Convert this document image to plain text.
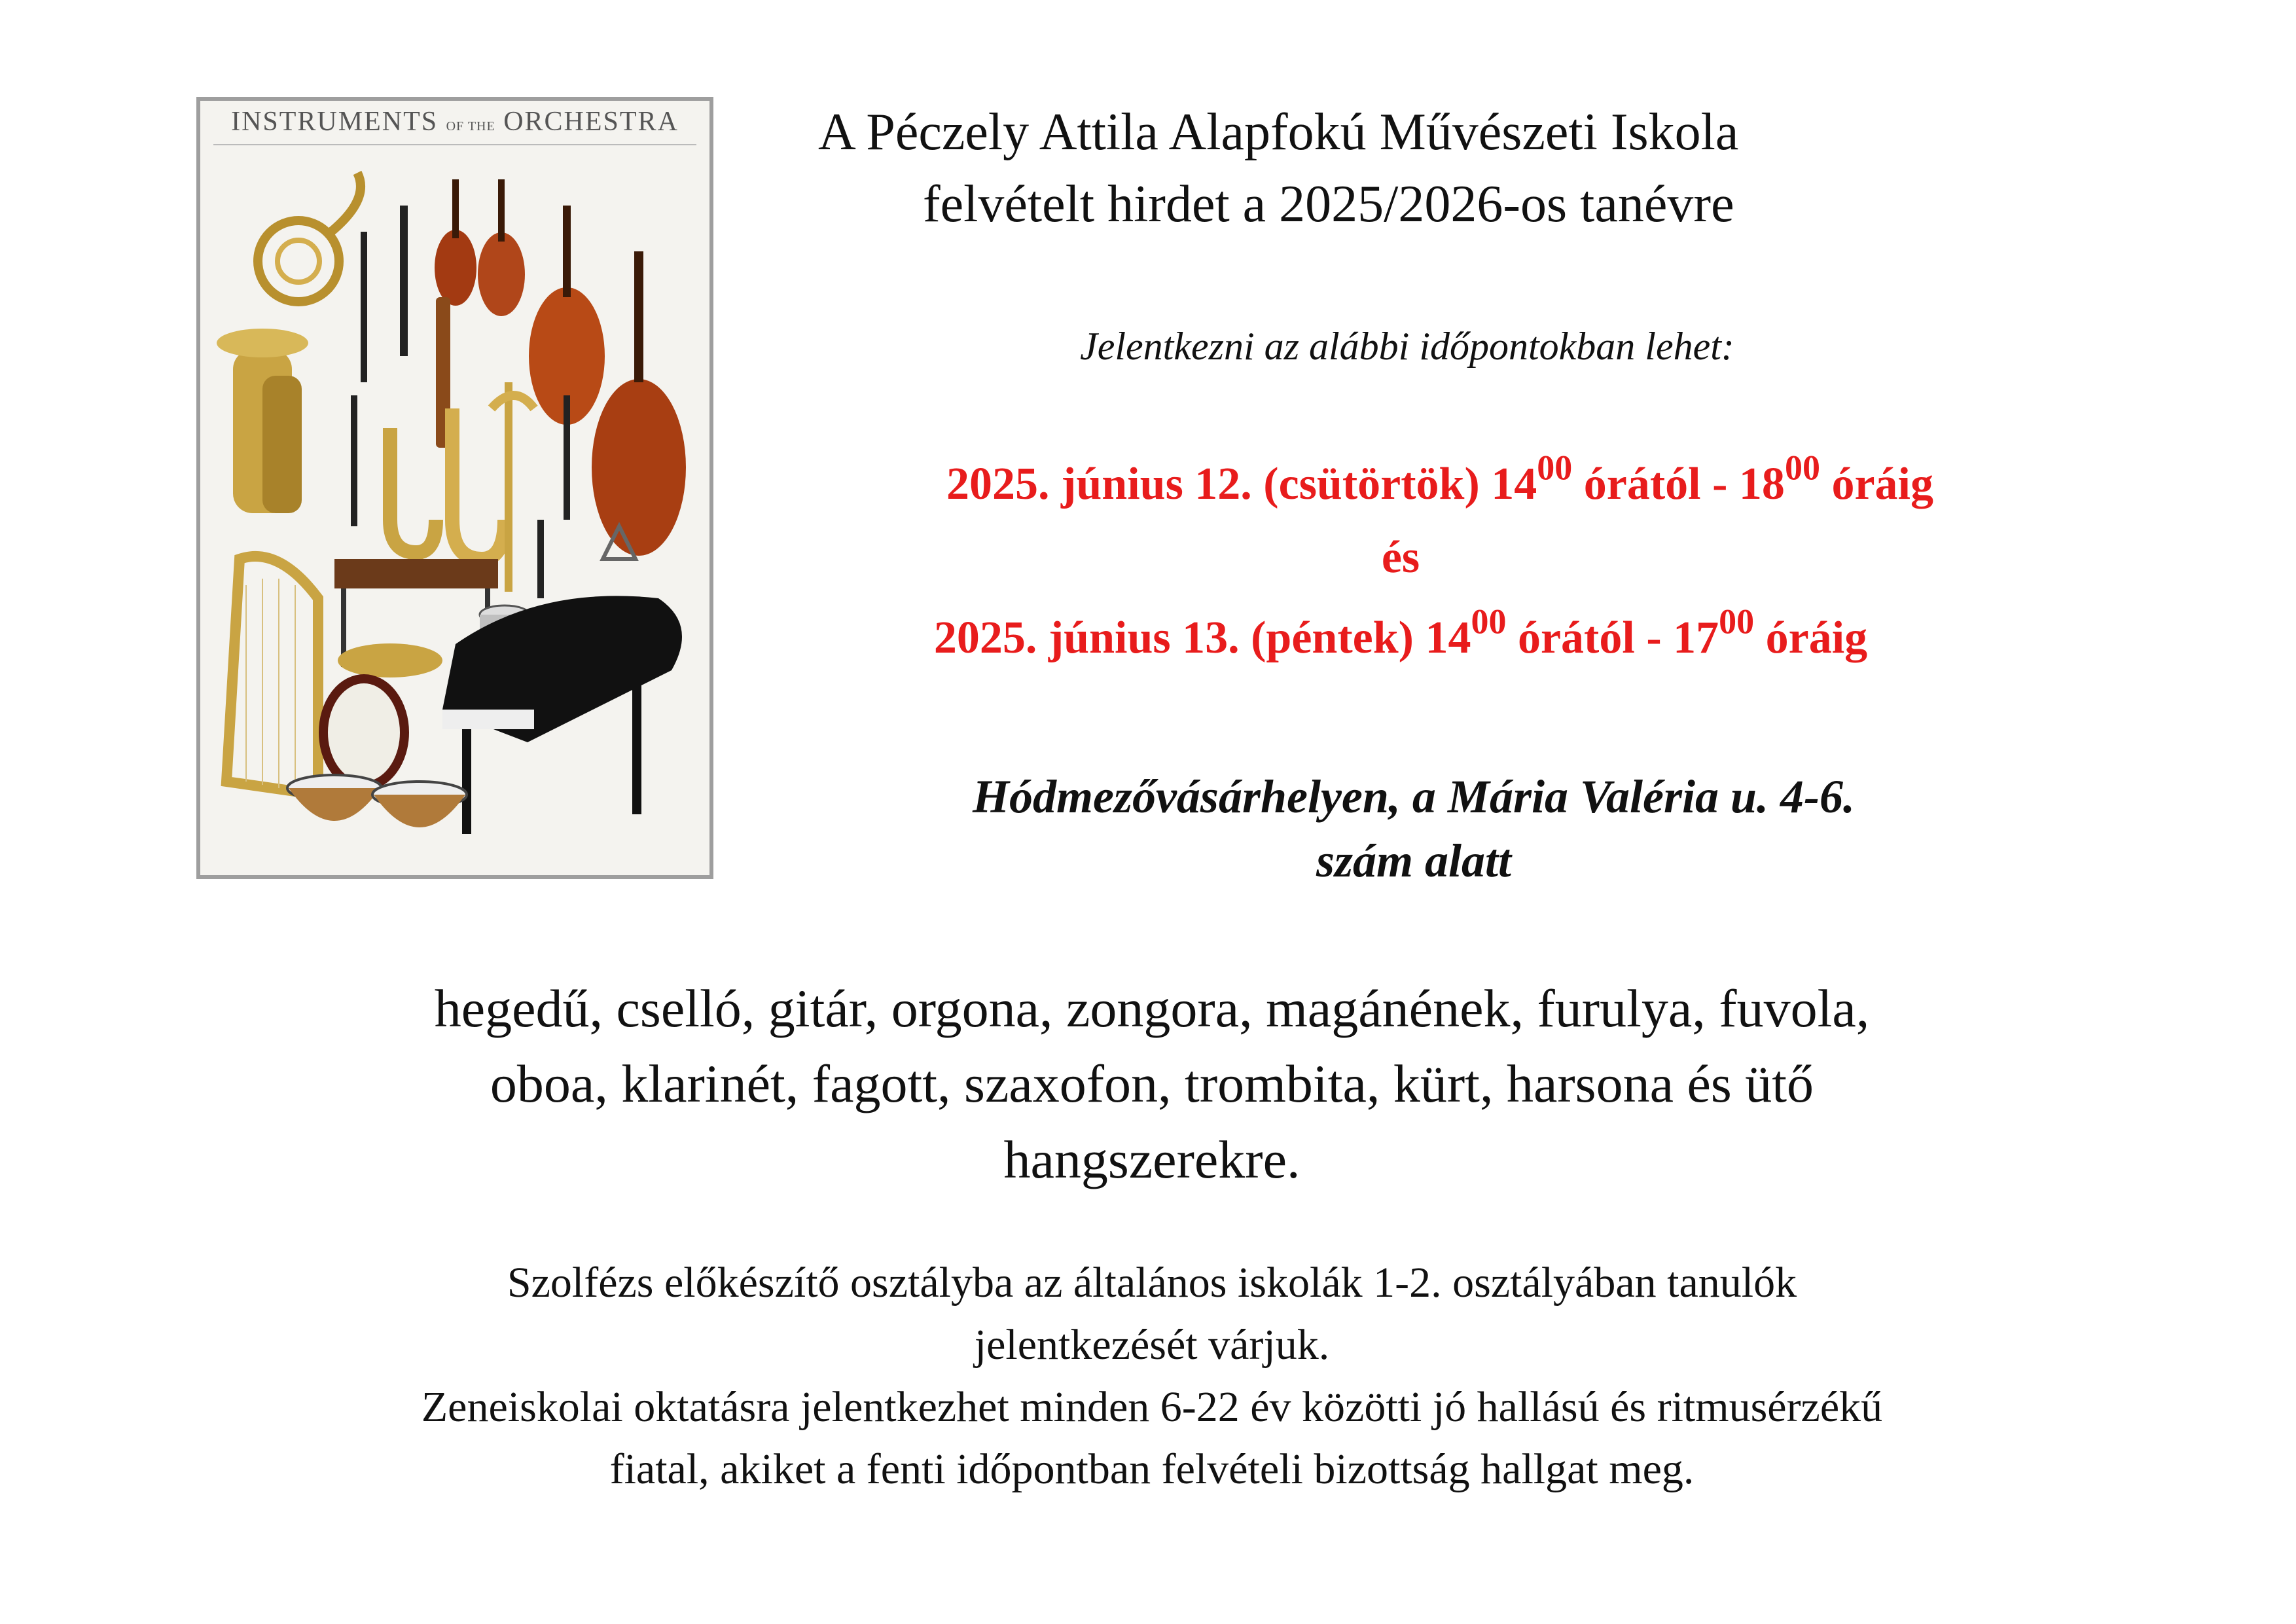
INSTRUMENTS OF THE ORCHESTRA	A Péczely Attila Alapfokú Művészeti Iskola
felvételt hirdet a 2025/2026-os tanévre
Jelentkezni az alábbi időpontokban lehet:
2025. június 12. (csütörtök) $14^{00}$ órától - $18^{00}$ óráig
és
2025. június 13. (péntek) $14^{00}$ órától - $17^{00}$ óráig
Hódmezővásárhelyen, a Mária Valéria u. 4-6.
szám alatt
hegedű, cselló, gitár, orgona, zongora, magánének, furulya, fuvola,
oboa, klarinét, fagott, szaxofon, trombita, kürt, harsona és ütő
hangszerekre.
Szolfézs előkészítő osztályba az általános iskolák 1-2. osztályában tanulók
jelentkezését várjuk.
Zeneiskolai oktatásra jelentkezhet minden 6-22 év közötti jó hallású és ritmusérzékű
fiatal, akiket a fenti időpontban felvételi bizottság hallgat meg.
